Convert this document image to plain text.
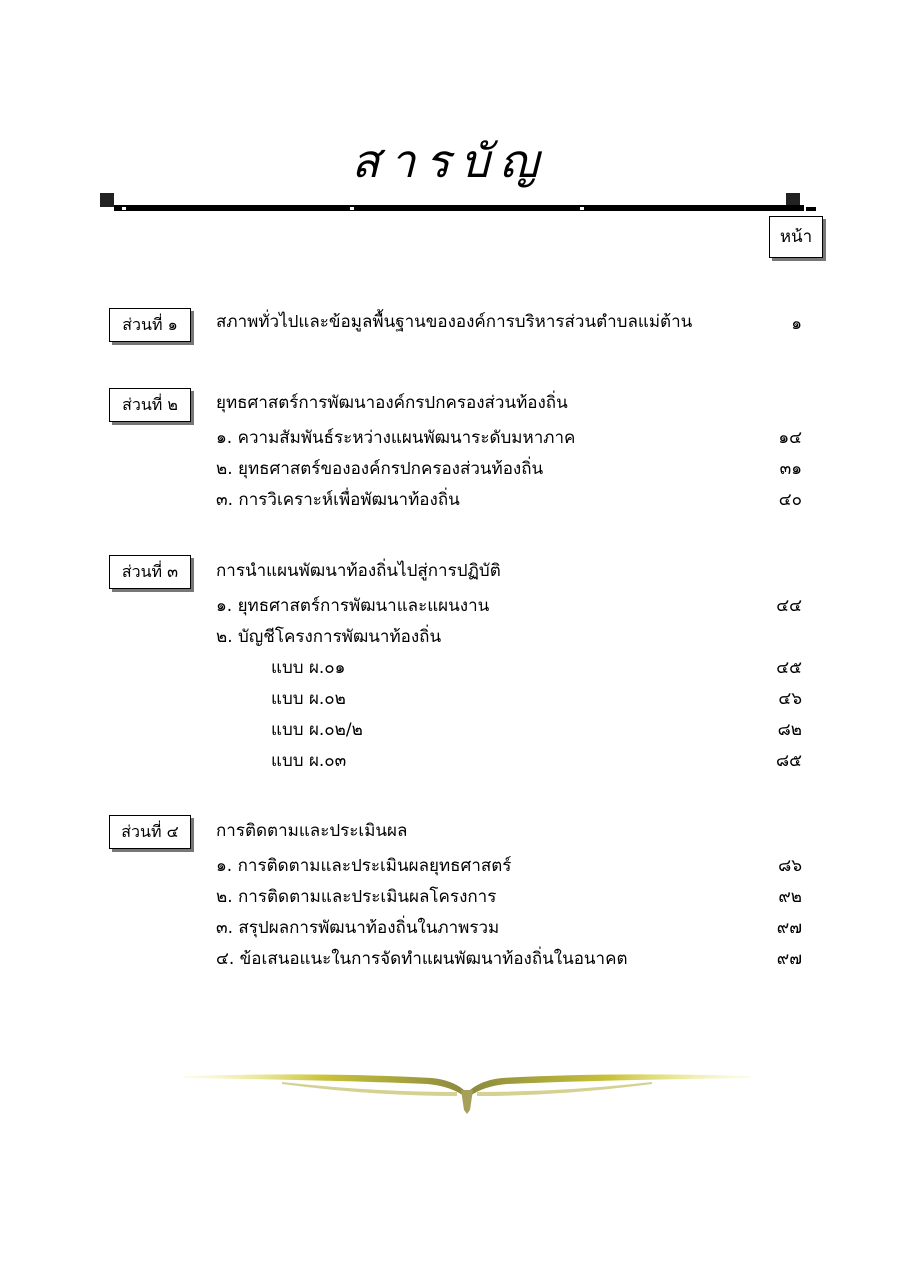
สารบัญ
หน้า
ส่วนที่ ๑	สภาพทั่วไปและข้อมูลพื้นฐานขององค์การบริหารส่วนตำบลแม่ต้าน	๑
ส่วนที่ ๒	ยุทธศาสตร์การพัฒนาองค์กรปกครองส่วนท้องถิ่น
๑. ความสัมพันธ์ระหว่างแผนพัฒนาระดับมหาภาค	๑๔
๒. ยุทธศาสตร์ขององค์กรปกครองส่วนท้องถิ่น	๓๑
๓. การวิเคราะห์เพื่อพัฒนาท้องถิ่น	๔๐
ส่วนที่ ๓	การนำแผนพัฒนาท้องถิ่นไปสู่การปฏิบัติ
๑. ยุทธศาสตร์การพัฒนาและแผนงาน	๔๔
๒. บัญชีโครงการพัฒนาท้องถิ่น
แบบ ผ.๐๑	๔๕
แบบ ผ.๐๒	๔๖
แบบ ผ.๐๒/๒	๘๒
แบบ ผ.๐๓	๘๕
ส่วนที่ ๔	การติดตามและประเมินผล
๑. การติดตามและประเมินผลยุทธศาสตร์	๘๖
๒. การติดตามและประเมินผลโครงการ	๙๒
๓. สรุปผลการพัฒนาท้องถิ่นในภาพรวม	๙๗
๔. ข้อเสนอแนะในการจัดทำแผนพัฒนาท้องถิ่นในอนาคต	๙๗
